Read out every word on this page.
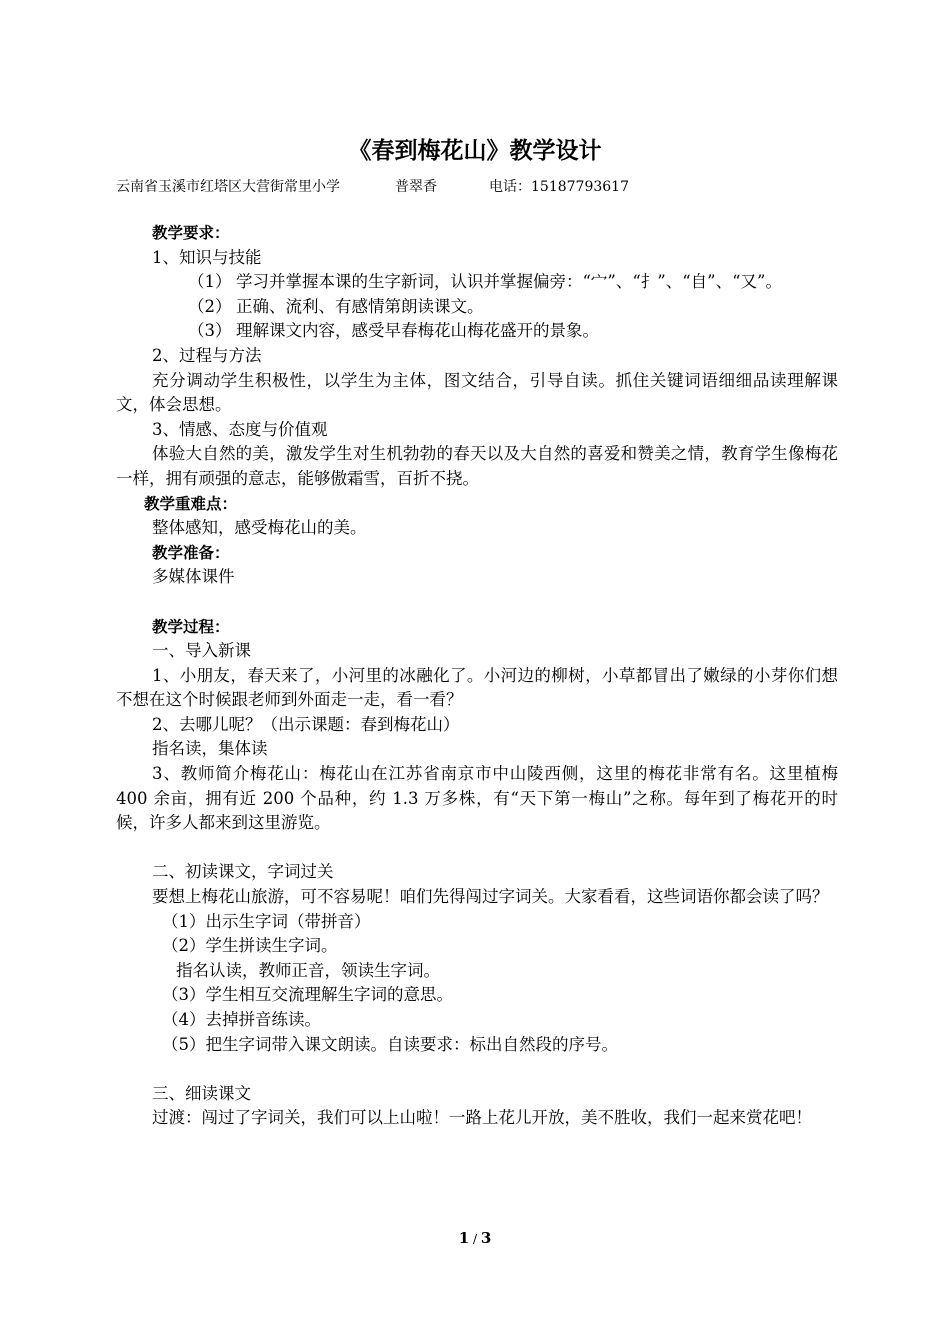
《春到梅花山》教学设计
云南省玉溪市红塔区大营街常里小学	普翠香	电话：15187793617

教学要求：

1、知识与技能

（1） 学习并掌握本课的生字新词，认识并掌握偏旁：“宀”、“扌”、“自”、“又”。
（2） 正确、流利、有感情第朗读课文。
（3） 理解课文内容，感受早春梅花山梅花盛开的景象。

2、过程与方法

充分调动学生积极性，以学生为主体，图文结合，引导自读。抓住关键词语细细品读理解课文，体会思想。

3、情感、态度与价值观

体验大自然的美，激发学生对生机勃勃的春天以及大自然的喜爱和赞美之情，教育学生像梅花一样，拥有顽强的意志，能够傲霜雪，百折不挠。

教学重难点：

整体感知，感受梅花山的美。

教学准备：

多媒体课件

教学过程：

一、导入新课

1、小朋友，春天来了，小河里的冰融化了。小河边的柳树，小草都冒出了嫩绿的小芽你们想不想在这个时候跟老师到外面走一走，看一看？

2、去哪儿呢？（出示课题：春到梅花山）

指名读，集体读

3、教师简介梅花山：梅花山在江苏省南京市中山陵西侧，这里的梅花非常有名。这里植梅 400 余亩，拥有近 200 个品种，约 1.3 万多株，有“天下第一梅山”之称。每年到了梅花开的时候，许多人都来到这里游览。

二、初读课文，字词过关

要想上梅花山旅游，可不容易呢！咱们先得闯过字词关。大家看看，这些词语你都会读了吗？

（1）出示生字词（带拼音）

（2）学生拼读生字词。

指名认读，教师正音，领读生字词。

（3）学生相互交流理解生字词的意思。

（4）去掉拼音练读。

（5）把生字词带入课文朗读。自读要求：标出自然段的序号。

三、细读课文

过渡：闯过了字词关，我们可以上山啦！一路上花儿开放，美不胜收，我们一起来赏花吧！

1 / 3
